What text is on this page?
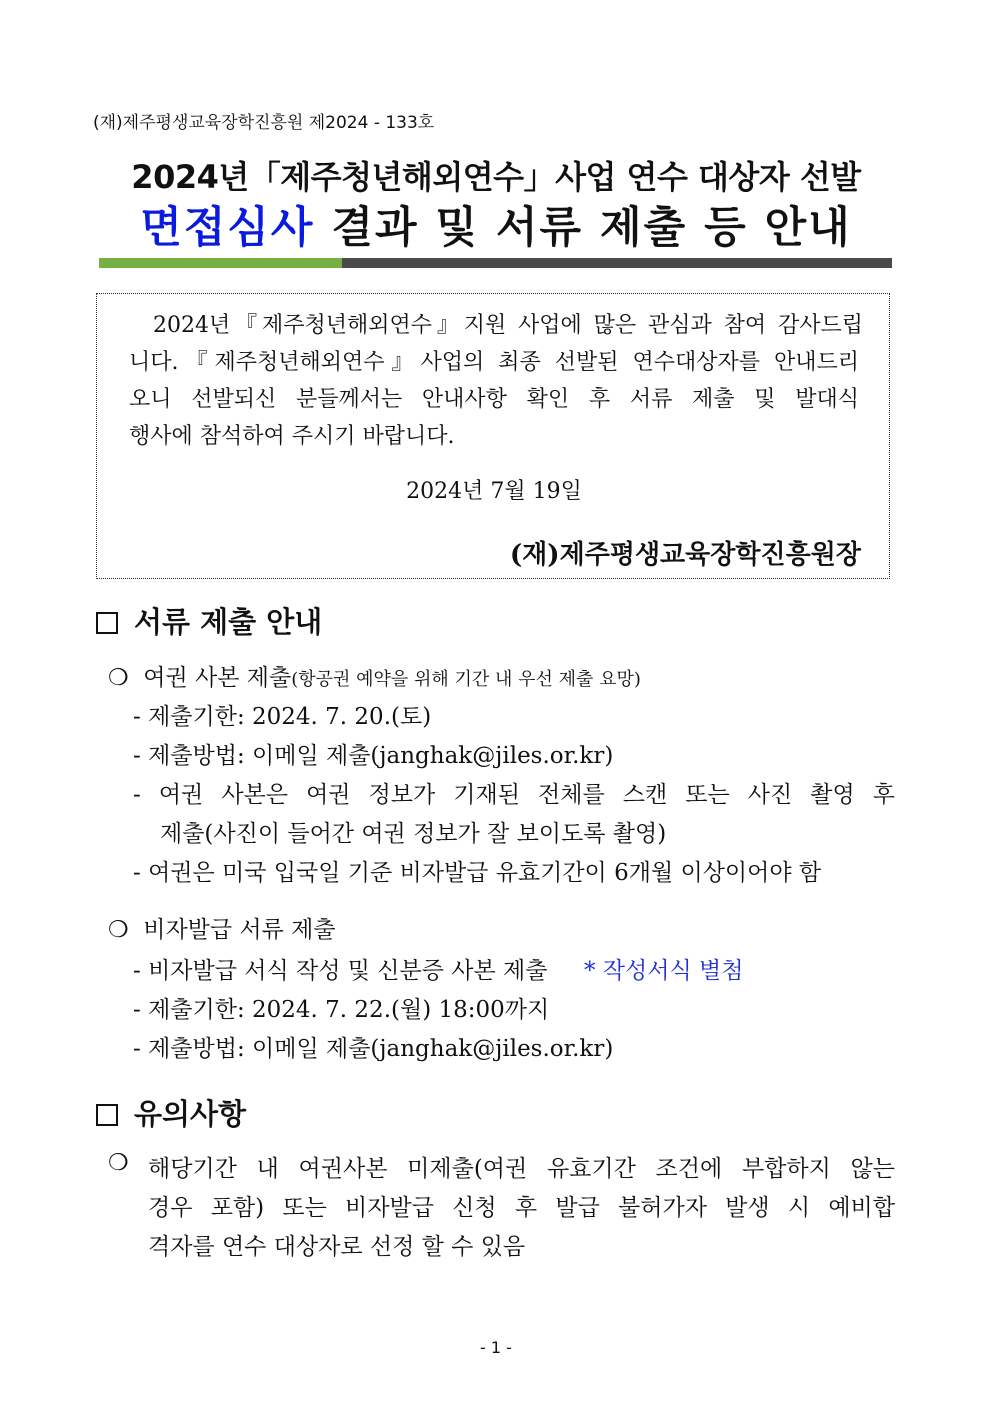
(재)제주평생교육장학진흥원 제2024 - 133호
2024년「제주청년해외연수」사업 연수 대상자 선발
면접심사 결과 및 서류 제출 등 안내
2024년『제주청년해외연수』지원 사업에 많은 관심과 참여 감사드립
니다.『제주청년해외연수』사업의 최종 선발된 연수대상자를 안내드리
오니 선발되신 분들께서는 안내사항 확인 후 서류 제출 및 발대식
행사에 참석하여 주시기 바랍니다.
2024년 7월 19일
(재)제주평생교육장학진흥원장
서류 제출 안내
❍ 여권 사본 제출(항공권 예약을 위해 기간 내 우선 제출 요망)
- 제출기한: 2024. 7. 20.(토)
- 제출방법: 이메일 제출(janghak@jiles.or.kr)
- 여권 사본은 여권 정보가 기재된 전체를 스캔 또는 사진 촬영 후
제출(사진이 들어간 여권 정보가 잘 보이도록 촬영)
- 여권은 미국 입국일 기준 비자발급 유효기간이 6개월 이상이어야 함
❍ 비자발급 서류 제출
- 비자발급 서식 작성 및 신분증 사본 제출 * 작성서식 별첨
- 제출기한: 2024. 7. 22.(월) 18:00까지
- 제출방법: 이메일 제출(janghak@jiles.or.kr)
유의사항
❍ 해당기간 내 여권사본 미제출(여권 유효기간 조건에 부합하지 않는
경우 포함) 또는 비자발급 신청 후 발급 불허가자 발생 시 예비합
격자를 연수 대상자로 선정 할 수 있음
- 1 -
